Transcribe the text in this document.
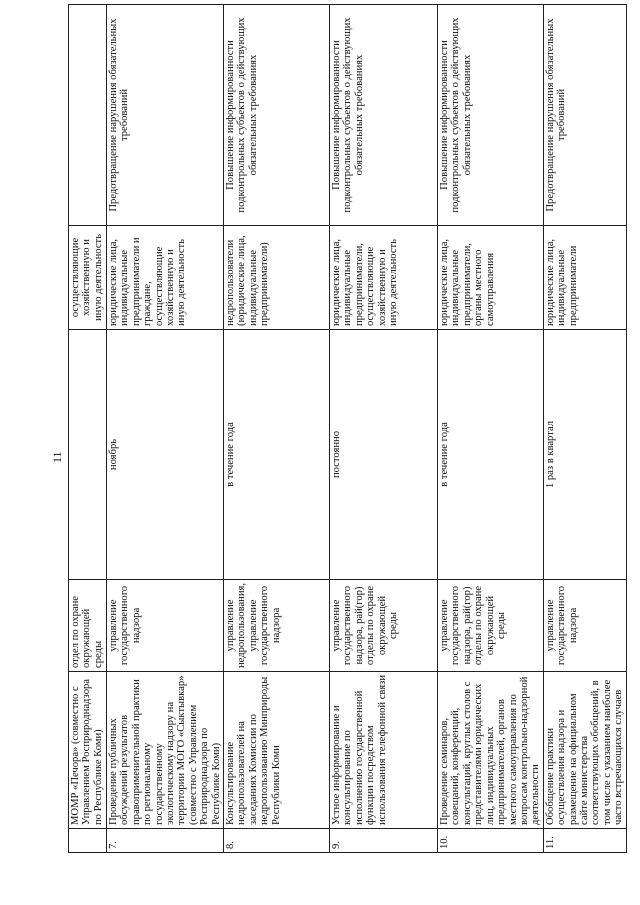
11
	МОМР «Печора» (совместно с Управлением Росприроднадзора по Республике Коми)	отдел по охране окружающей среды		осуществляющие хозяйственную и иную деятельность	
7.	Проведение публичных обсуждений результатов правоприменительной практики по региональному государственному экологическому надзору на территории МОГО «Сыктывкар» (совместно с Управлением Росприроднадзора по Республике Коми)	управление государственного надзора	ноябрь	юридические лица, индивидуальные предприниматели и граждане, осуществляющие хозяйственную и иную деятельность	Предотвращение нарушения обязательных требований
8.	Консультирование недропользователей на заседаниях Комиссии по недропользованию Минприроды Республики Коми	управление недропользования, управление государственного надзора	в течение года	недропользователи (юридические лица, индивидуальные предприниматели)	Повышение информированности подконтрольных субъектов о действующих обязательных требованиях
9.	Устное информирование и консультирование по исполнению государственной функции посредством использования телефонной связи	управление государственного надзора, рай(гор) отделы по охране окружающей среды	постоянно	юридические лица, индивидуальные предприниматели, осуществляющие хозяйственную и иную деятельность	Повышение информированности подконтрольных субъектов о действующих обязательных требованиях
10.	Проведение семинаров, совещаний, конференций, консультаций, круглых столов с представителями юридических лиц, индивидуальных предпринимателей, органов местного самоуправления по вопросам контрольно-надзорной деятельности	управление государственного надзора, рай(гор) отделы по охране окружающей среды	в течение года	юридические лица, индивидуальные предприниматели, органы местного самоуправления	Повышение информированности подконтрольных субъектов о действующих обязательных требованиях
11.	Обобщение практики осуществления надзора и размещение на официальном сайте министерства соответствующих обобщений, в том числе с указанием наиболее часто встречающихся случаев	управление государственного надзора	1 раз в квартал	юридические лица, индивидуальные предприниматели	Предотвращение нарушения обязательных требований
